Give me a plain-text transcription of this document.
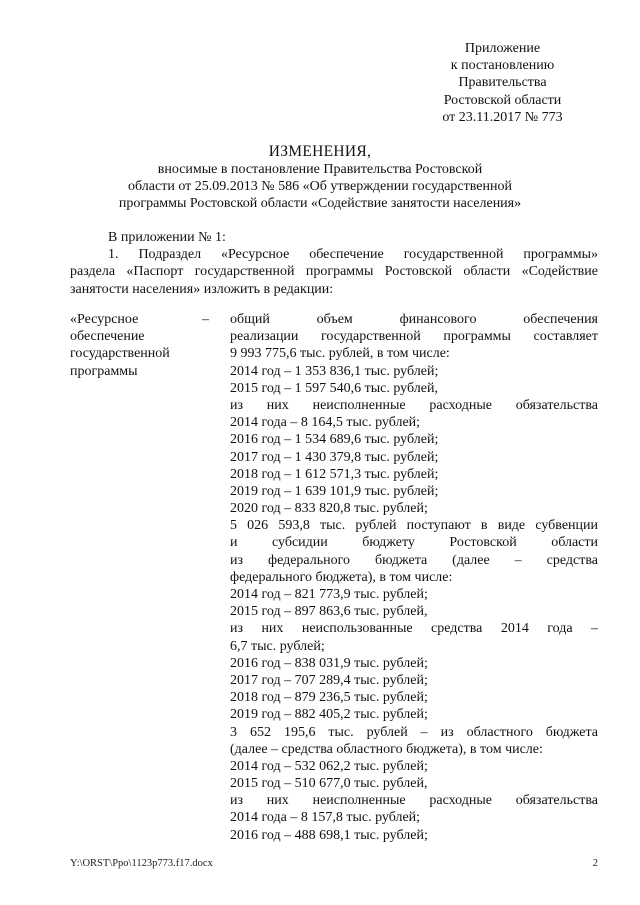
Приложение
к постановлению
Правительства
Ростовской области
от 23.11.2017 № 773
ИЗМЕНЕНИЯ,
вносимые в постановление Правительства Ростовской
области от 25.09.2013 № 586 «Об утверждении государственной
программы Ростовской области «Содействие занятости населения»
В приложении № 1:
1. Подраздел «Ресурсное обеспечение государственной программы»
раздела «Паспорт государственной программы Ростовской области «Содействие
занятости населения» изложить в редакции:
«Ресурсное
обеспечение
государственной
программы
– общий объем финансового обеспечения
реализации государственной программы составляет
9 993 775,6 тыс. рублей, в том числе:
2014 год – 1 353 836,1 тыс. рублей;
2015 год – 1 597 540,6 тыс. рублей,
из них неисполненные расходные обязательства
2014 года – 8 164,5 тыс. рублей;
2016 год – 1 534 689,6 тыс. рублей;
2017 год – 1 430 379,8 тыс. рублей;
2018 год – 1 612 571,3 тыс. рублей;
2019 год – 1 639 101,9 тыс. рублей;
2020 год – 833 820,8 тыс. рублей;
5 026 593,8 тыс. рублей поступают в виде субвенции
и субсидии бюджету Ростовской области
из федерального бюджета (далее – средства
федерального бюджета), в том числе:
2014 год – 821 773,9 тыс. рублей;
2015 год – 897 863,6 тыс. рублей,
из них неиспользованные средства 2014 года –
6,7 тыс. рублей;
2016 год – 838 031,9 тыс. рублей;
2017 год – 707 289,4 тыс. рублей;
2018 год – 879 236,5 тыс. рублей;
2019 год – 882 405,2 тыс. рублей;
3 652 195,6 тыс. рублей – из областного бюджета
(далее – средства областного бюджета), в том числе:
2014 год – 532 062,2 тыс. рублей;
2015 год – 510 677,0 тыс. рублей,
из них неисполненные расходные обязательства
2014 года – 8 157,8 тыс. рублей;
2016 год – 488 698,1 тыс. рублей;
Y:\ORST\Ppo\1123p773.f17.docx	2
